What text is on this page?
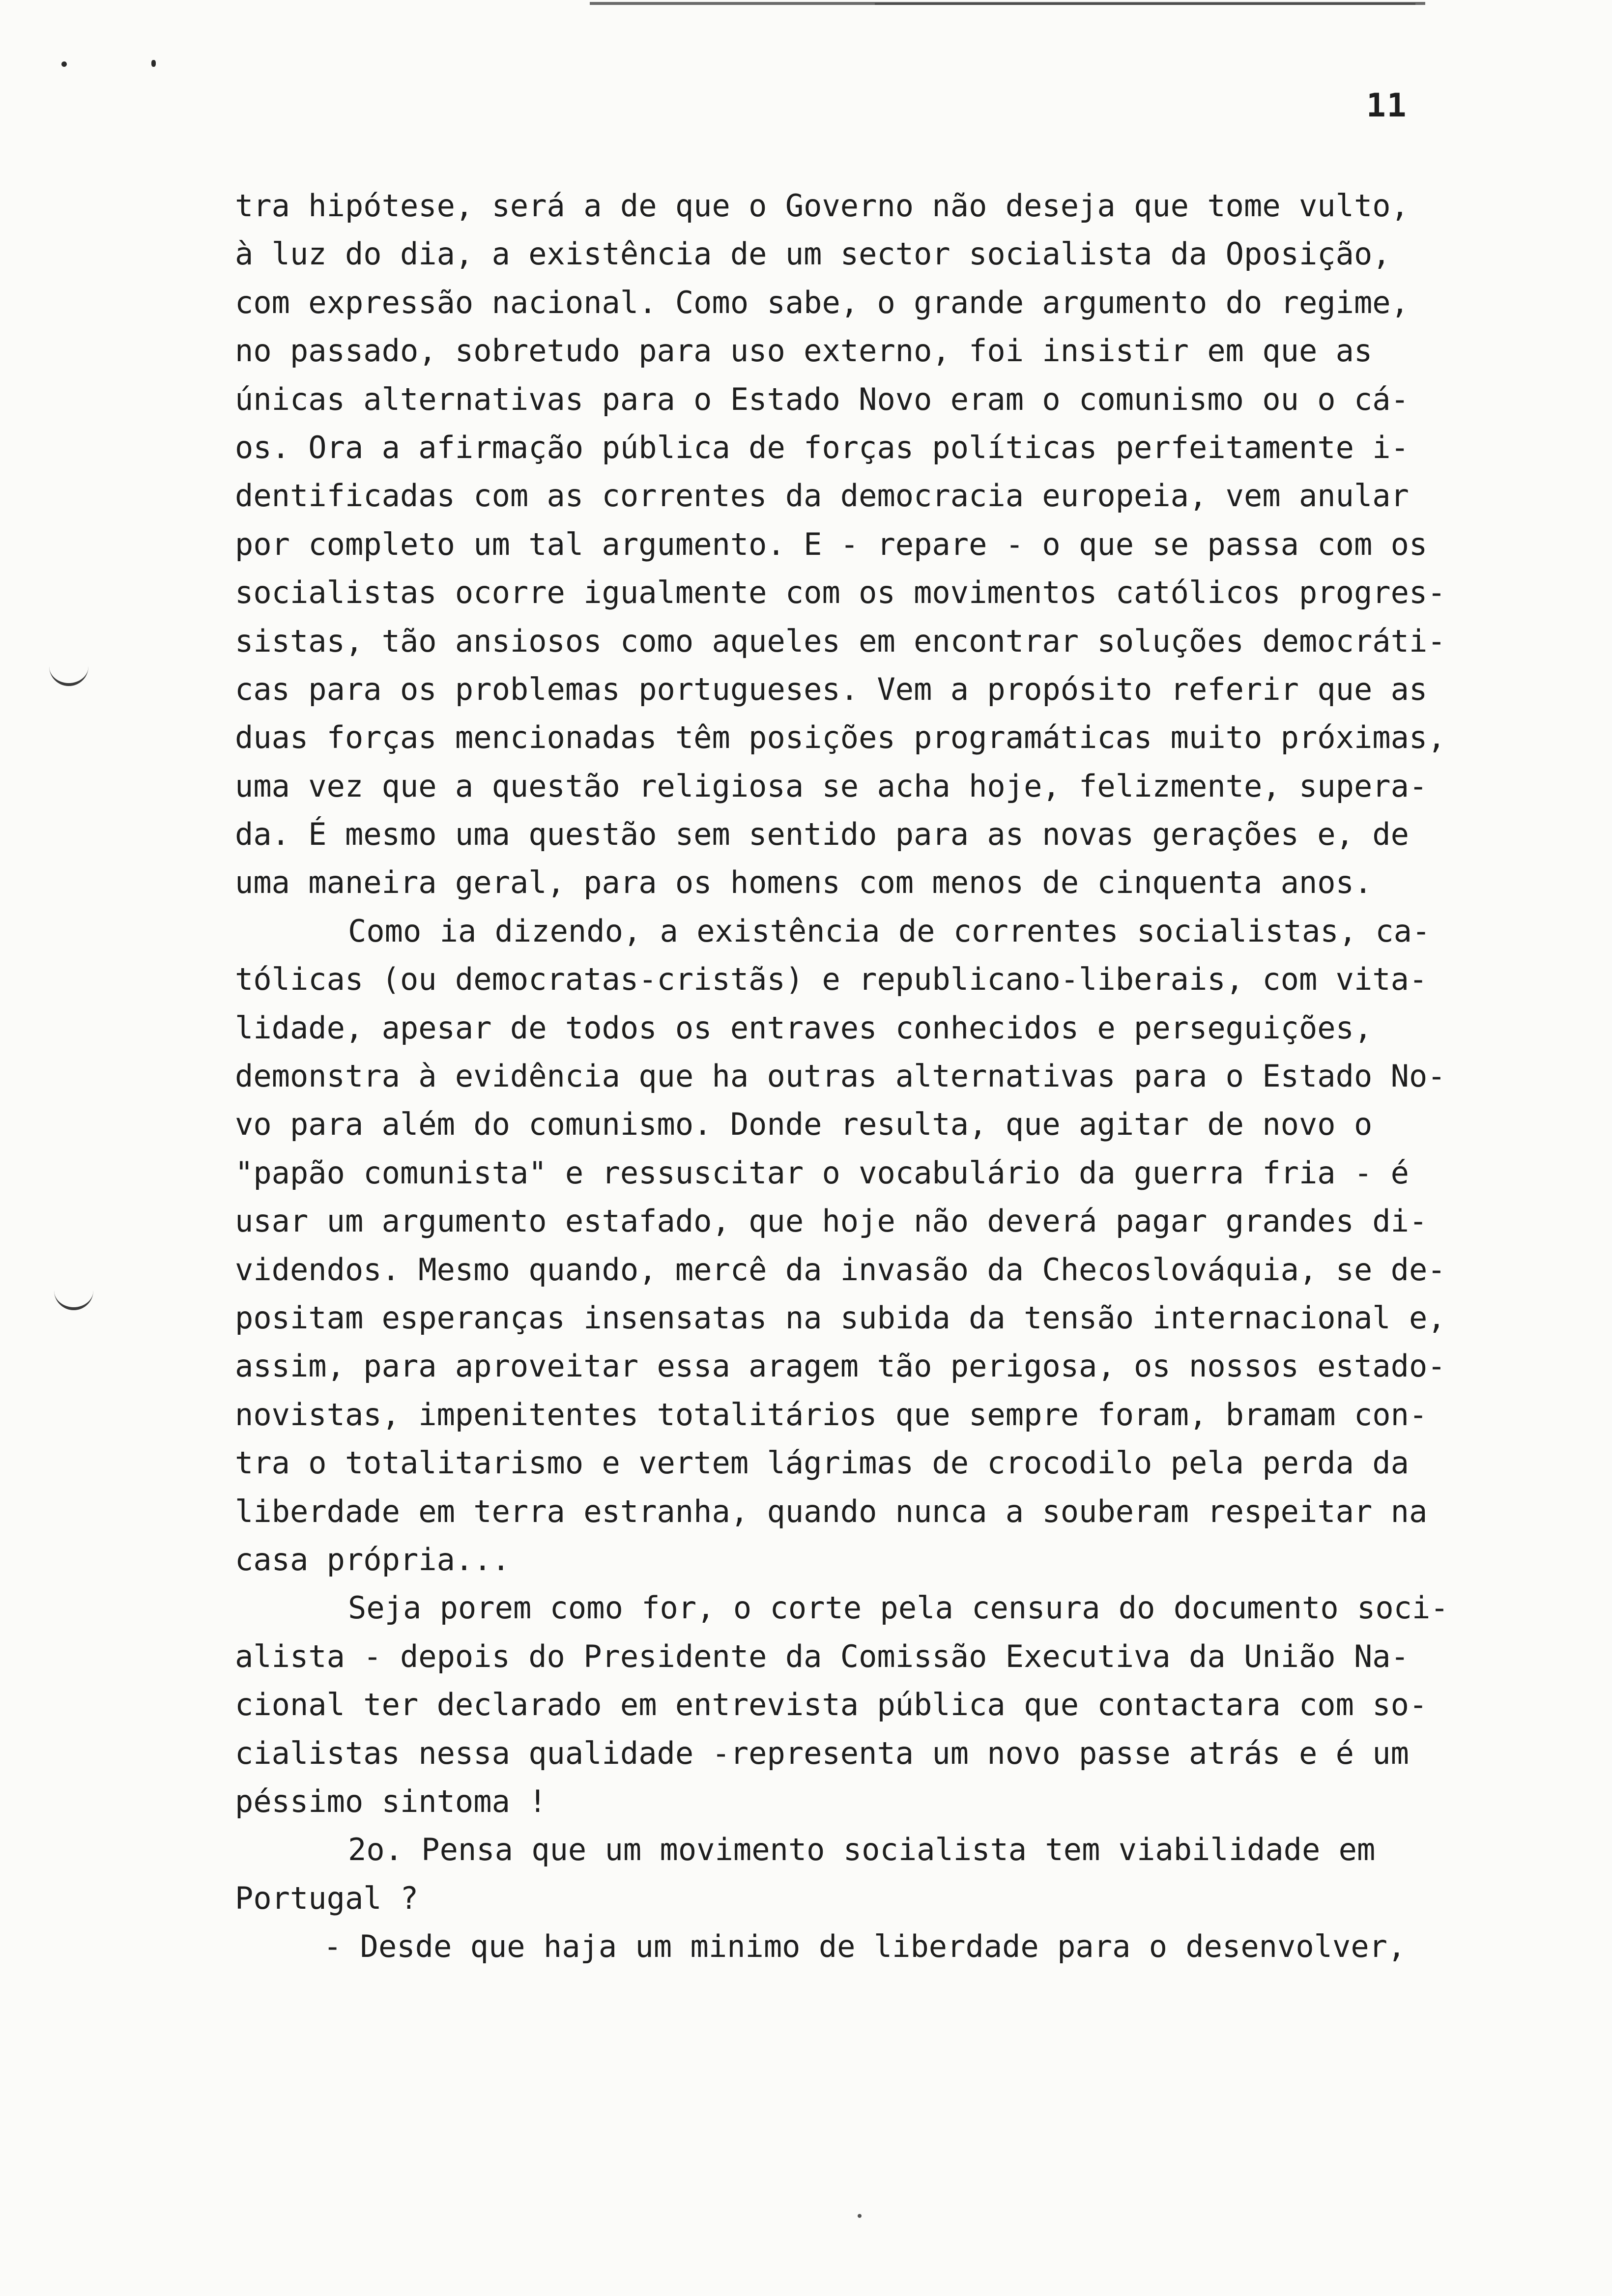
11
tra hipótese, será a de que o Governo não deseja que tome vulto,
à luz do dia, a existência de um sector socialista da Oposição,
com expressão nacional. Como sabe, o grande argumento do regime,
no passado, sobretudo para uso externo, foi insistir em que as
únicas alternativas para o Estado Novo eram o comunismo ou o cá-
os. Ora a afirmação pública de forças políticas perfeitamente i-
dentificadas com as correntes da democracia europeia, vem anular
por completo um tal argumento. E - repare - o que se passa com os
socialistas ocorre igualmente com os movimentos católicos progres-
sistas, tão ansiosos como aqueles em encontrar soluções democráti-
cas para os problemas portugueses. Vem a propósito referir que as
duas forças mencionadas têm posições programáticas muito próximas,
uma vez que a questão religiosa se acha hoje, felizmente, supera-
da. É mesmo uma questão sem sentido para as novas gerações e, de
uma maneira geral, para os homens com menos de cinquenta anos.
Como ia dizendo, a existência de correntes socialistas, ca-
tólicas (ou democratas-cristãs) e republicano-liberais, com vita-
lidade, apesar de todos os entraves conhecidos e perseguições,
demonstra à evidência que ha outras alternativas para o Estado No-
vo para além do comunismo. Donde resulta, que agitar de novo o
"papão comunista" e ressuscitar o vocabulário da guerra fria - é
usar um argumento estafado, que hoje não deverá pagar grandes di-
videndos. Mesmo quando, mercê da invasão da Checoslováquia, se de-
positam esperanças insensatas na subida da tensão internacional e,
assim, para aproveitar essa aragem tão perigosa, os nossos estado-
novistas, impenitentes totalitários que sempre foram, bramam con-
tra o totalitarismo e vertem lágrimas de crocodilo pela perda da
liberdade em terra estranha, quando nunca a souberam respeitar na
casa própria...
Seja porem como for, o corte pela censura do documento soci-
alista - depois do Presidente da Comissão Executiva da União Na-
cional ter declarado em entrevista pública que contactara com so-
cialistas nessa qualidade -representa um novo passe atrás e é um
péssimo sintoma !
2o. Pensa que um movimento socialista tem viabilidade em
Portugal ?
- Desde que haja um minimo de liberdade para o desenvolver,
